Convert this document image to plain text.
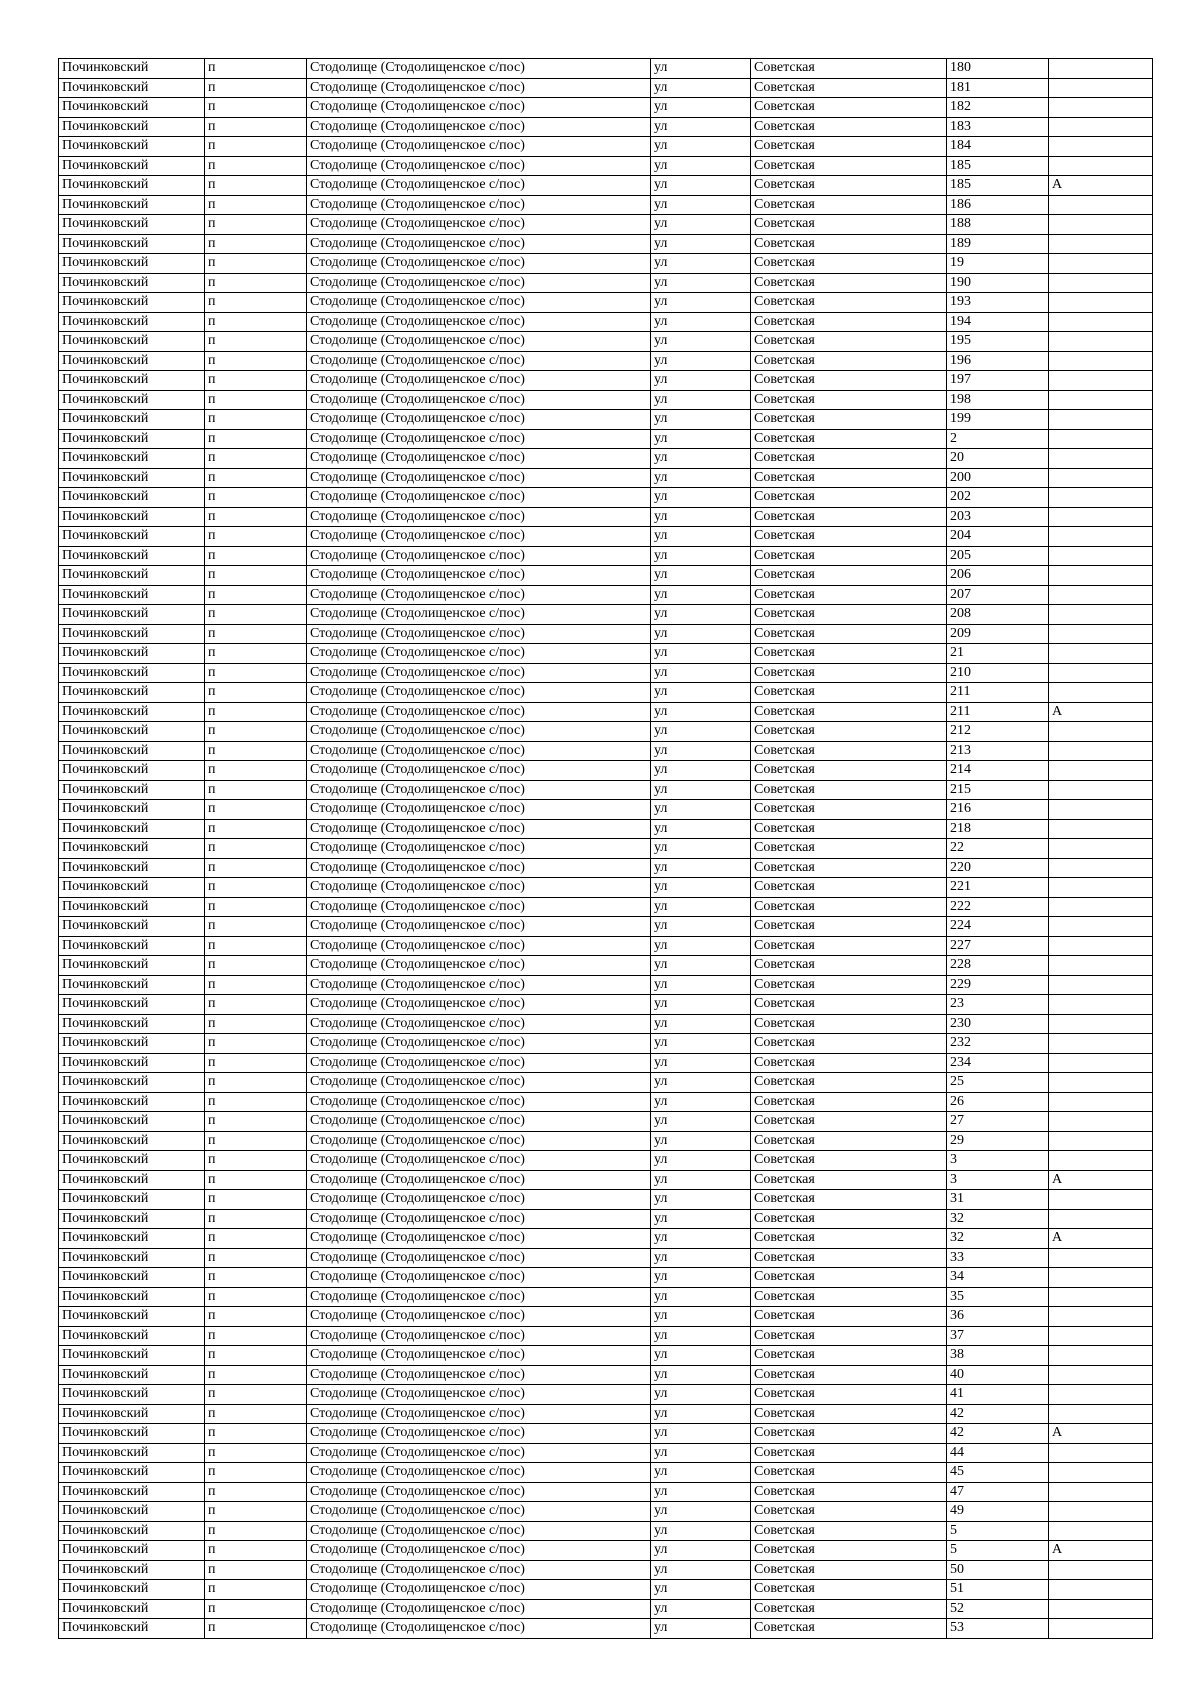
Починковский	п	Стодолище (Стодолищенское с/пос)	ул	Советская	180	
Починковский	п	Стодолище (Стодолищенское с/пос)	ул	Советская	181	
Починковский	п	Стодолище (Стодолищенское с/пос)	ул	Советская	182	
Починковский	п	Стодолище (Стодолищенское с/пос)	ул	Советская	183	
Починковский	п	Стодолище (Стодолищенское с/пос)	ул	Советская	184	
Починковский	п	Стодолище (Стодолищенское с/пос)	ул	Советская	185	
Починковский	п	Стодолище (Стодолищенское с/пос)	ул	Советская	185	А
Починковский	п	Стодолище (Стодолищенское с/пос)	ул	Советская	186	
Починковский	п	Стодолище (Стодолищенское с/пос)	ул	Советская	188	
Починковский	п	Стодолище (Стодолищенское с/пос)	ул	Советская	189	
Починковский	п	Стодолище (Стодолищенское с/пос)	ул	Советская	19	
Починковский	п	Стодолище (Стодолищенское с/пос)	ул	Советская	190	
Починковский	п	Стодолище (Стодолищенское с/пос)	ул	Советская	193	
Починковский	п	Стодолище (Стодолищенское с/пос)	ул	Советская	194	
Починковский	п	Стодолище (Стодолищенское с/пос)	ул	Советская	195	
Починковский	п	Стодолище (Стодолищенское с/пос)	ул	Советская	196	
Починковский	п	Стодолище (Стодолищенское с/пос)	ул	Советская	197	
Починковский	п	Стодолище (Стодолищенское с/пос)	ул	Советская	198	
Починковский	п	Стодолище (Стодолищенское с/пос)	ул	Советская	199	
Починковский	п	Стодолище (Стодолищенское с/пос)	ул	Советская	2	
Починковский	п	Стодолище (Стодолищенское с/пос)	ул	Советская	20	
Починковский	п	Стодолище (Стодолищенское с/пос)	ул	Советская	200	
Починковский	п	Стодолище (Стодолищенское с/пос)	ул	Советская	202	
Починковский	п	Стодолище (Стодолищенское с/пос)	ул	Советская	203	
Починковский	п	Стодолище (Стодолищенское с/пос)	ул	Советская	204	
Починковский	п	Стодолище (Стодолищенское с/пос)	ул	Советская	205	
Починковский	п	Стодолище (Стодолищенское с/пос)	ул	Советская	206	
Починковский	п	Стодолище (Стодолищенское с/пос)	ул	Советская	207	
Починковский	п	Стодолище (Стодолищенское с/пос)	ул	Советская	208	
Починковский	п	Стодолище (Стодолищенское с/пос)	ул	Советская	209	
Починковский	п	Стодолище (Стодолищенское с/пос)	ул	Советская	21	
Починковский	п	Стодолище (Стодолищенское с/пос)	ул	Советская	210	
Починковский	п	Стодолище (Стодолищенское с/пос)	ул	Советская	211	
Починковский	п	Стодолище (Стодолищенское с/пос)	ул	Советская	211	А
Починковский	п	Стодолище (Стодолищенское с/пос)	ул	Советская	212	
Починковский	п	Стодолище (Стодолищенское с/пос)	ул	Советская	213	
Починковский	п	Стодолище (Стодолищенское с/пос)	ул	Советская	214	
Починковский	п	Стодолище (Стодолищенское с/пос)	ул	Советская	215	
Починковский	п	Стодолище (Стодолищенское с/пос)	ул	Советская	216	
Починковский	п	Стодолище (Стодолищенское с/пос)	ул	Советская	218	
Починковский	п	Стодолище (Стодолищенское с/пос)	ул	Советская	22	
Починковский	п	Стодолище (Стодолищенское с/пос)	ул	Советская	220	
Починковский	п	Стодолище (Стодолищенское с/пос)	ул	Советская	221	
Починковский	п	Стодолище (Стодолищенское с/пос)	ул	Советская	222	
Починковский	п	Стодолище (Стодолищенское с/пос)	ул	Советская	224	
Починковский	п	Стодолище (Стодолищенское с/пос)	ул	Советская	227	
Починковский	п	Стодолище (Стодолищенское с/пос)	ул	Советская	228	
Починковский	п	Стодолище (Стодолищенское с/пос)	ул	Советская	229	
Починковский	п	Стодолище (Стодолищенское с/пос)	ул	Советская	23	
Починковский	п	Стодолище (Стодолищенское с/пос)	ул	Советская	230	
Починковский	п	Стодолище (Стодолищенское с/пос)	ул	Советская	232	
Починковский	п	Стодолище (Стодолищенское с/пос)	ул	Советская	234	
Починковский	п	Стодолище (Стодолищенское с/пос)	ул	Советская	25	
Починковский	п	Стодолище (Стодолищенское с/пос)	ул	Советская	26	
Починковский	п	Стодолище (Стодолищенское с/пос)	ул	Советская	27	
Починковский	п	Стодолище (Стодолищенское с/пос)	ул	Советская	29	
Починковский	п	Стодолище (Стодолищенское с/пос)	ул	Советская	3	
Починковский	п	Стодолище (Стодолищенское с/пос)	ул	Советская	3	А
Починковский	п	Стодолище (Стодолищенское с/пос)	ул	Советская	31	
Починковский	п	Стодолище (Стодолищенское с/пос)	ул	Советская	32	
Починковский	п	Стодолище (Стодолищенское с/пос)	ул	Советская	32	А
Починковский	п	Стодолище (Стодолищенское с/пос)	ул	Советская	33	
Починковский	п	Стодолище (Стодолищенское с/пос)	ул	Советская	34	
Починковский	п	Стодолище (Стодолищенское с/пос)	ул	Советская	35	
Починковский	п	Стодолище (Стодолищенское с/пос)	ул	Советская	36	
Починковский	п	Стодолище (Стодолищенское с/пос)	ул	Советская	37	
Починковский	п	Стодолище (Стодолищенское с/пос)	ул	Советская	38	
Починковский	п	Стодолище (Стодолищенское с/пос)	ул	Советская	40	
Починковский	п	Стодолище (Стодолищенское с/пос)	ул	Советская	41	
Починковский	п	Стодолище (Стодолищенское с/пос)	ул	Советская	42	
Починковский	п	Стодолище (Стодолищенское с/пос)	ул	Советская	42	А
Починковский	п	Стодолище (Стодолищенское с/пос)	ул	Советская	44	
Починковский	п	Стодолище (Стодолищенское с/пос)	ул	Советская	45	
Починковский	п	Стодолище (Стодолищенское с/пос)	ул	Советская	47	
Починковский	п	Стодолище (Стодолищенское с/пос)	ул	Советская	49	
Починковский	п	Стодолище (Стодолищенское с/пос)	ул	Советская	5	
Починковский	п	Стодолище (Стодолищенское с/пос)	ул	Советская	5	А
Починковский	п	Стодолище (Стодолищенское с/пос)	ул	Советская	50	
Починковский	п	Стодолище (Стодолищенское с/пос)	ул	Советская	51	
Починковский	п	Стодолище (Стодолищенское с/пос)	ул	Советская	52	
Починковский	п	Стодолище (Стодолищенское с/пос)	ул	Советская	53	
